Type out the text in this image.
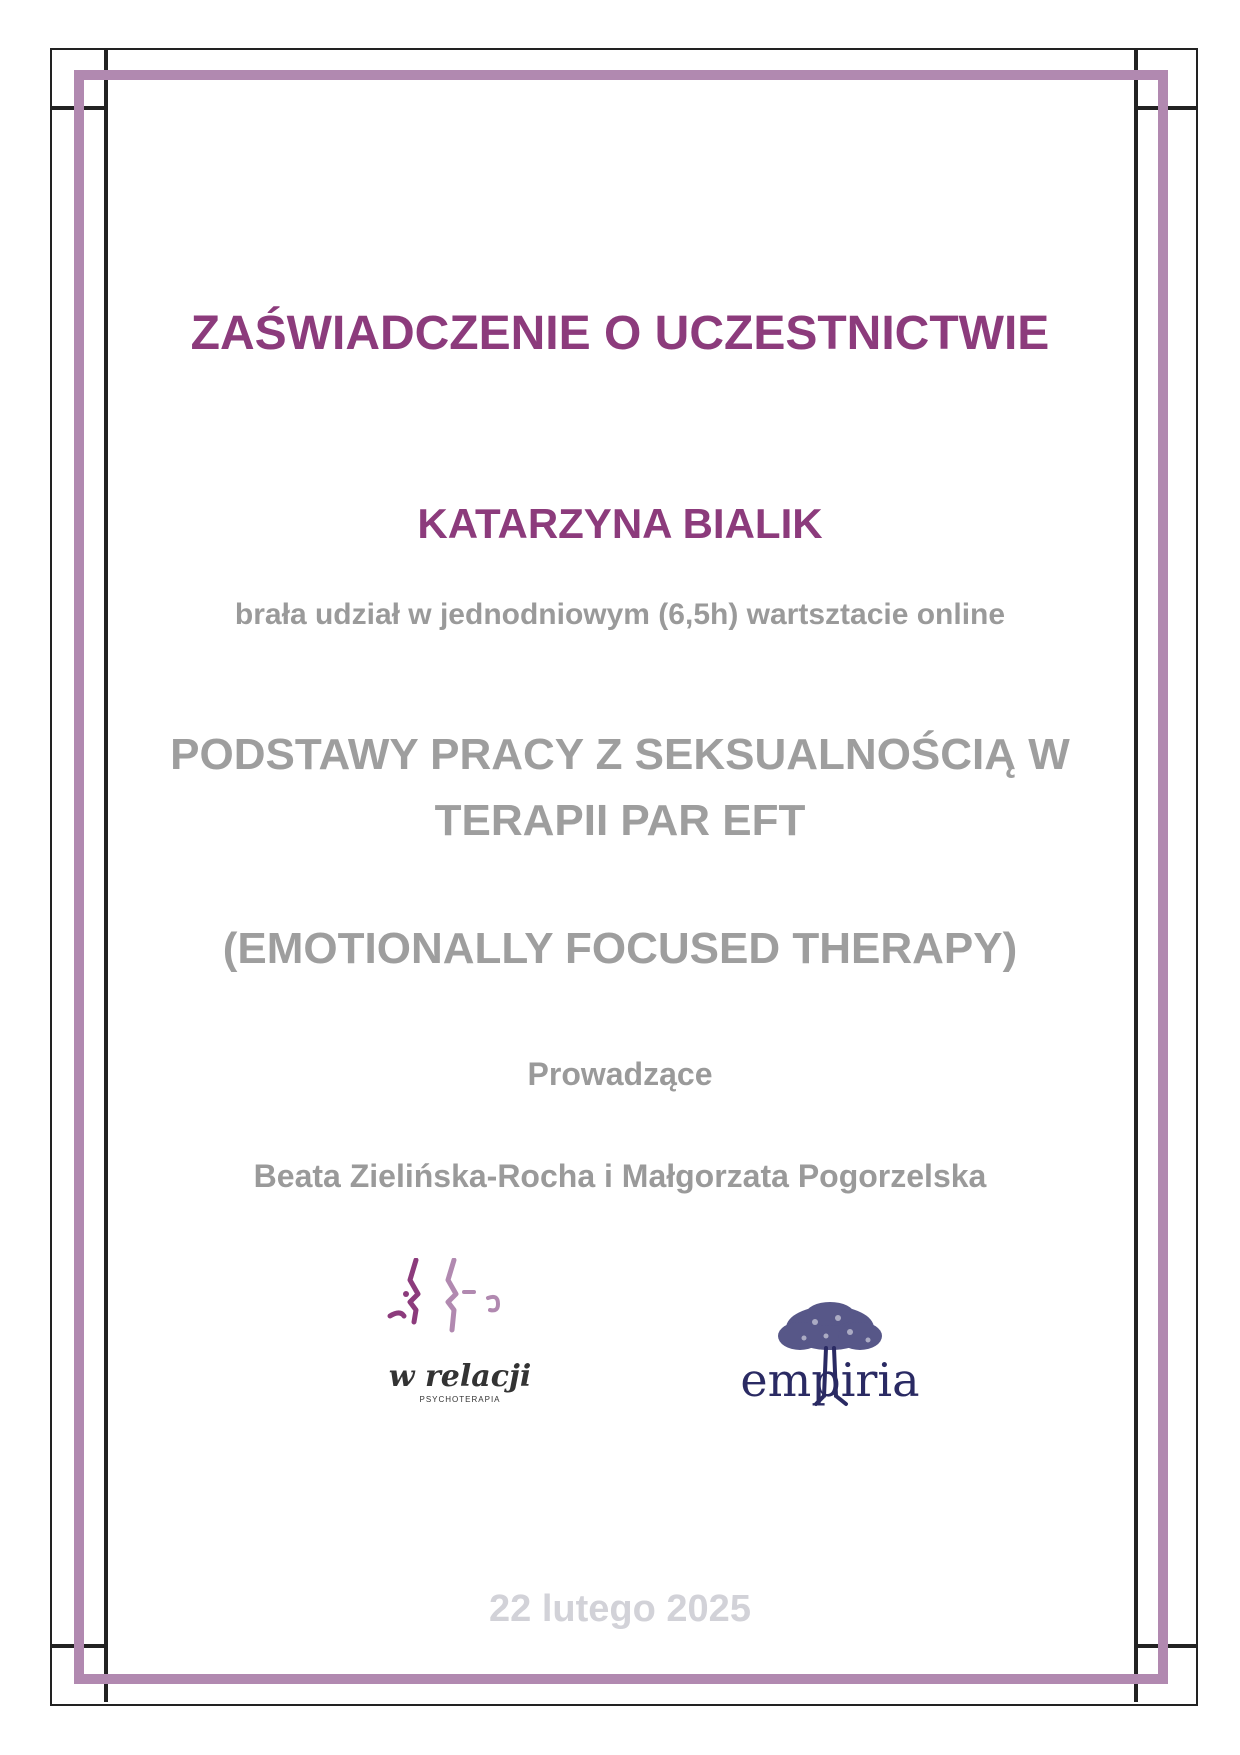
ZAŚWIADCZENIE O UCZESTNICTWIE
KATARZYNA BIALIK
brała udział w jednodniowym (6,5h) wartsztacie online
PODSTAWY PRACY Z SEKSUALNOŚCIĄ W
TERAPII PAR EFT
(EMOTIONALLY FOCUSED THERAPY)
Prowadzące
Beata Zielińska-Rocha i Małgorzata Pogorzelska
w relacji
PSYCHOTERAPIA	empiria
22 lutego 2025
